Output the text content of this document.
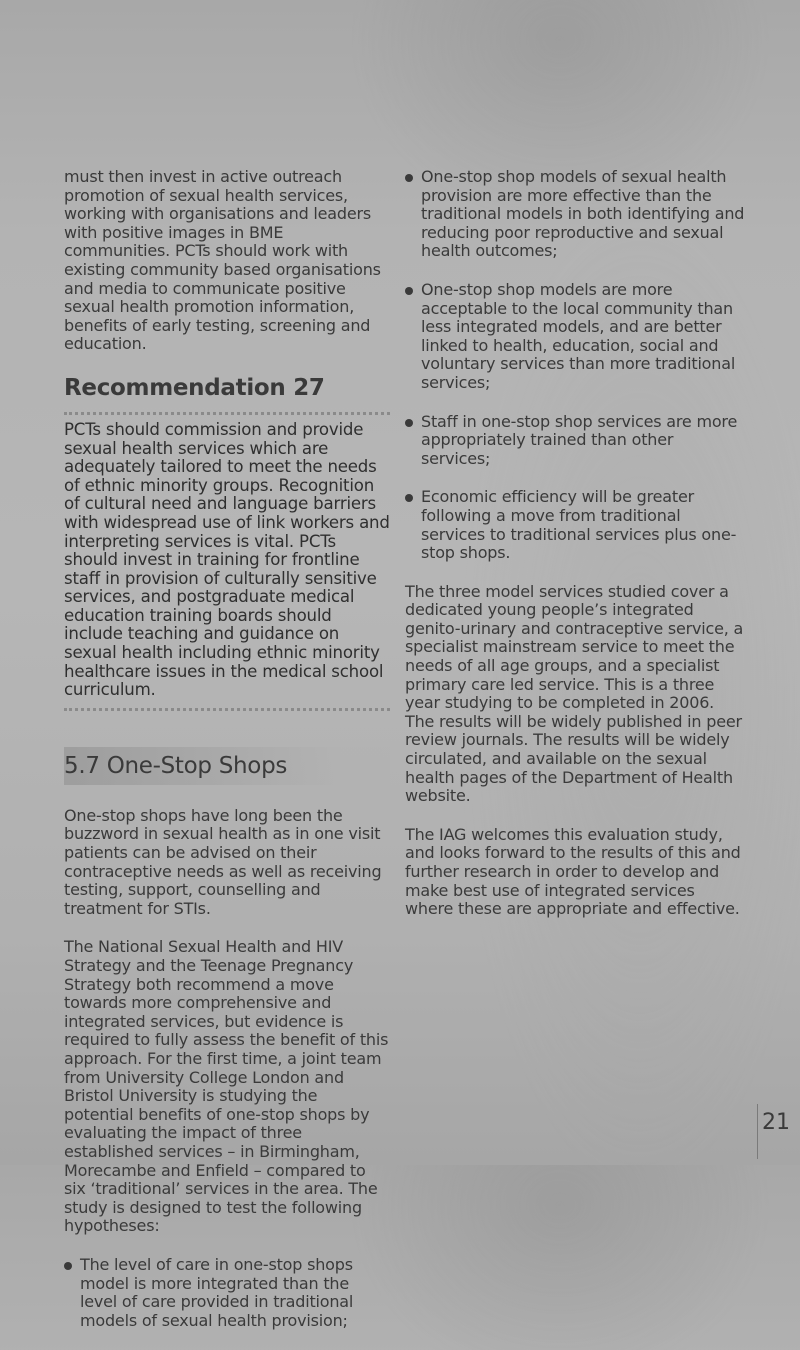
must then invest in active outreach promotion of sexual health services, working with organisations and leaders with positive images in BME communities. PCTs should work with existing community based organisations and media to communicate positive sexual health promotion information, benefits of early testing, screening and education.

Recommendation 27
PCTs should commission and provide sexual health services which are adequately tailored to meet the needs of ethnic minority groups. Recognition of cultural need and language barriers with widespread use of link workers and interpreting services is vital. PCTs should invest in training for frontline staff in provision of culturally sensitive services, and postgraduate medical education training boards should include teaching and guidance on sexual health including ethnic minority healthcare issues in the medical school curriculum.
5.7 One-Stop Shops

One-stop shops have long been the buzzword in sexual health as in one visit patients can be advised on their contraceptive needs as well as receiving testing, support, counselling and treatment for STIs.

The National Sexual Health and HIV Strategy and the Teenage Pregnancy Strategy both recommend a move towards more comprehensive and integrated services, but evidence is required to fully assess the benefit of this approach. For the first time, a joint team from University College London and Bristol University is studying the potential benefits of one-stop shops by evaluating the impact of three established services – in Birmingham, Morecambe and Enfield – compared to six ‘traditional’ services in the area. The study is designed to test the following hypotheses:

The level of care in one-stop shops model is more integrated than the level of care provided in traditional models of sexual health provision;
One-stop shop models of sexual health provision are more effective than the traditional models in both identifying and reducing poor reproductive and sexual health outcomes;
One-stop shop models are more acceptable to the local community than less integrated models, and are better linked to health, education, social and voluntary services than more traditional services;
Staff in one-stop shop services are more appropriately trained than other services;
Economic efficiency will be greater following a move from traditional services to traditional services plus one-stop shops.

The three model services studied cover a dedicated young people’s integrated genito-urinary and contraceptive service, a specialist mainstream service to meet the needs of all age groups, and a specialist primary care led service. This is a three year studying to be completed in 2006. The results will be widely published in peer review journals. The results will be widely circulated, and available on the sexual health pages of the Department of Health website.

The IAG welcomes this evaluation study, and looks forward to the results of this and further research in order to develop and make best use of integrated services where these are appropriate and effective.

21
